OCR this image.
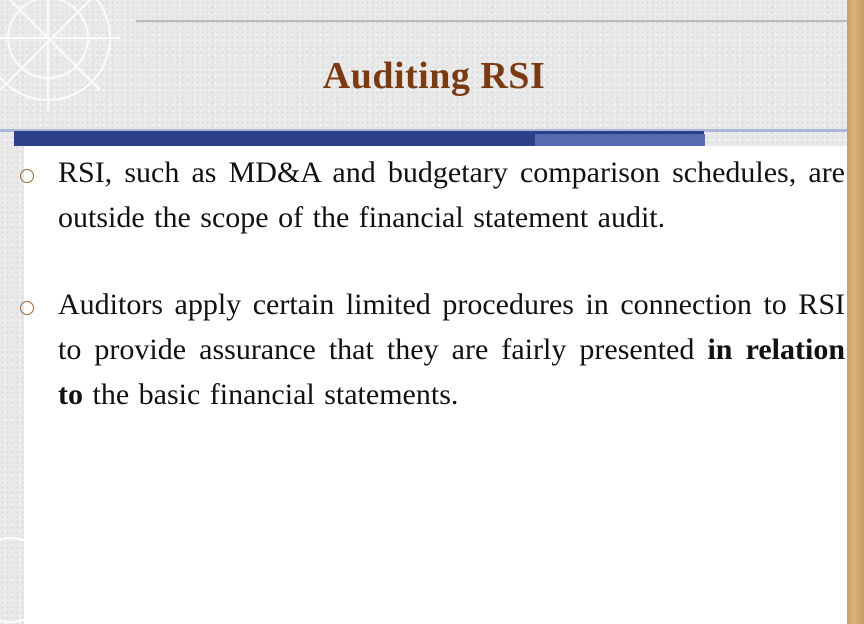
Auditing RSI
RSI, such as MD&A and budgetary comparison schedules, are outside the scope of the financial statement audit.
Auditors apply certain limited procedures in connection to RSI to provide assurance that they are fairly presented in relation to the basic financial statements.
